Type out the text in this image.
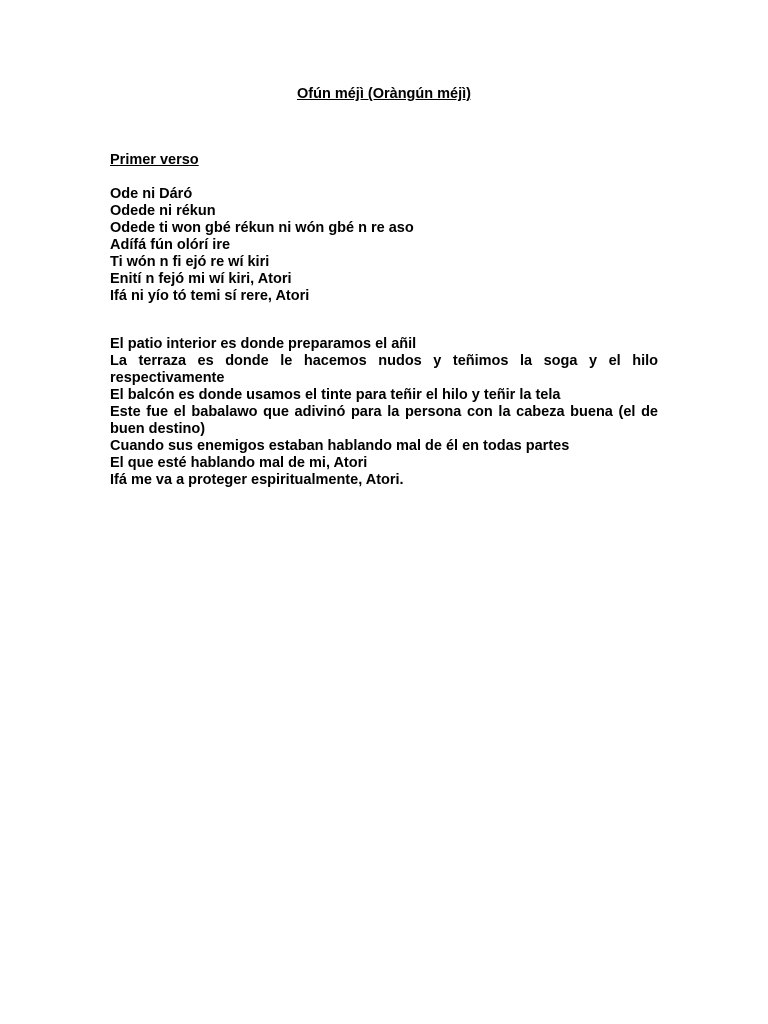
Ofún méjì (Oràngún méjì)
Primer verso
Ode ni Dáró
Odede ni rékun
Odede ti won gbé rékun ni wón gbé n re aso
Adífá fún olórí ire
Ti wón n fi ejó re wí kiri
Enití n fejó mi wí kiri, Atori
Ifá ni yío tó temi sí rere, Atori

El patio interior es donde preparamos el añil

La terraza es donde le hacemos nudos y teñimos la soga y el hilo respectivamente

El balcón es donde usamos el tinte para teñir el hilo y teñir la tela

Este fue el babalawo que adivinó para la persona con la cabeza buena (el de buen destino)

Cuando sus enemigos estaban hablando mal de él en todas partes

El que esté hablando mal de mi, Atori

Ifá me va a proteger espiritualmente, Atori.
